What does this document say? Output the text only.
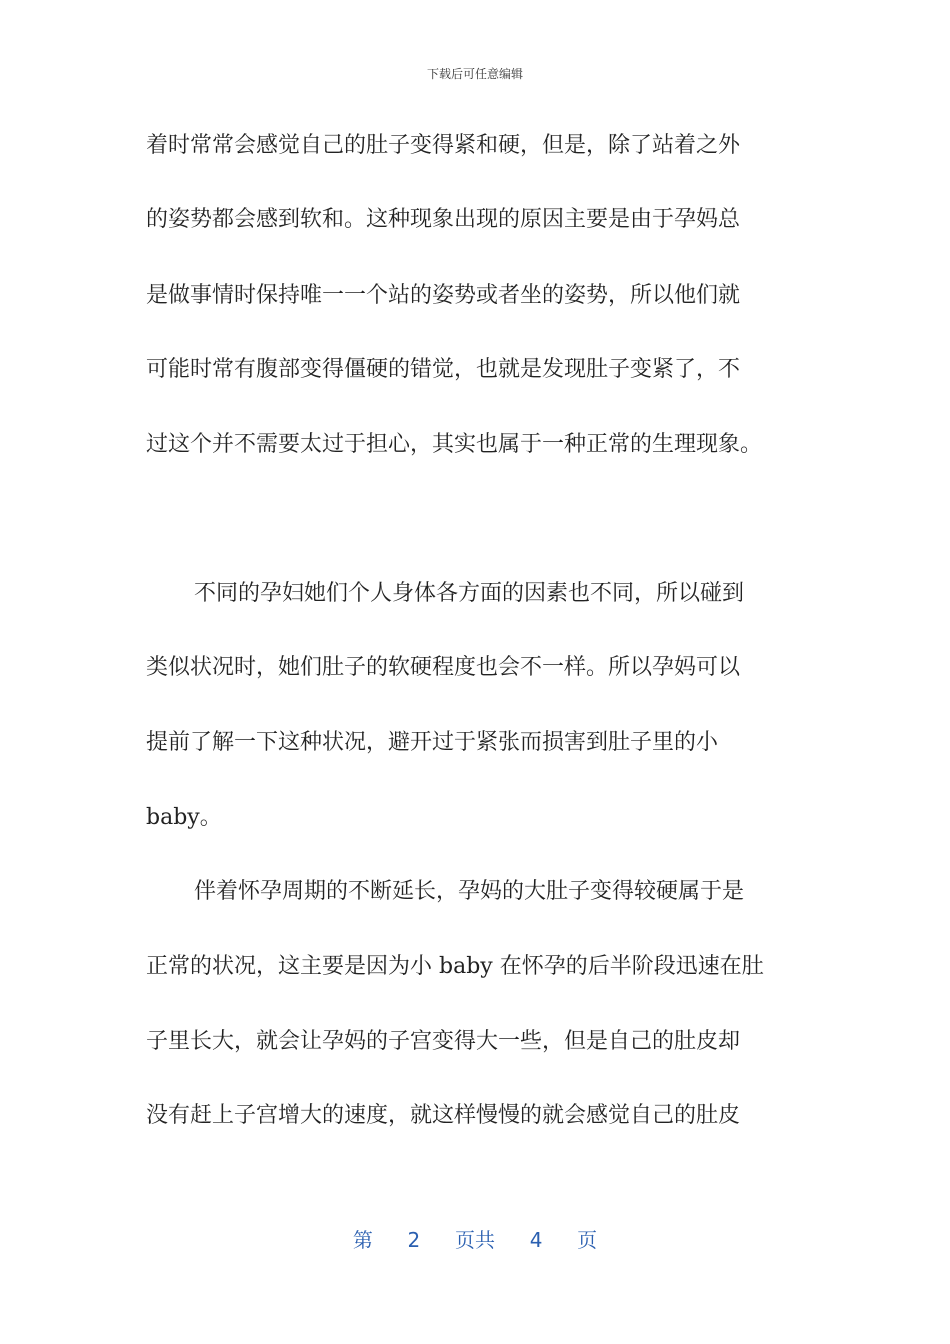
下载后可任意编辑
着时常常会感觉自己的肚子变得紧和硬，但是，除了站着之外
的姿势都会感到软和。这种现象出现的原因主要是由于孕妈总
是做事情时保持唯一一个站的姿势或者坐的姿势，所以他们就
可能时常有腹部变得僵硬的错觉，也就是发现肚子变紧了，不
过这个并不需要太过于担心，其实也属于一种正常的生理现象。
不同的孕妇她们个人身体各方面的因素也不同，所以碰到
类似状况时，她们肚子的软硬程度也会不一样。所以孕妈可以
提前了解一下这种状况，避开过于紧张而损害到肚子里的小
baby。
伴着怀孕周期的不断延长，孕妈的大肚子变得较硬属于是
正常的状况，这主要是因为小 baby 在怀孕的后半阶段迅速在肚
子里长大，就会让孕妈的子宫变得大一些，但是自己的肚皮却
没有赶上子宫增大的速度，就这样慢慢的就会感觉自己的肚皮
第 2 页共 4 页
